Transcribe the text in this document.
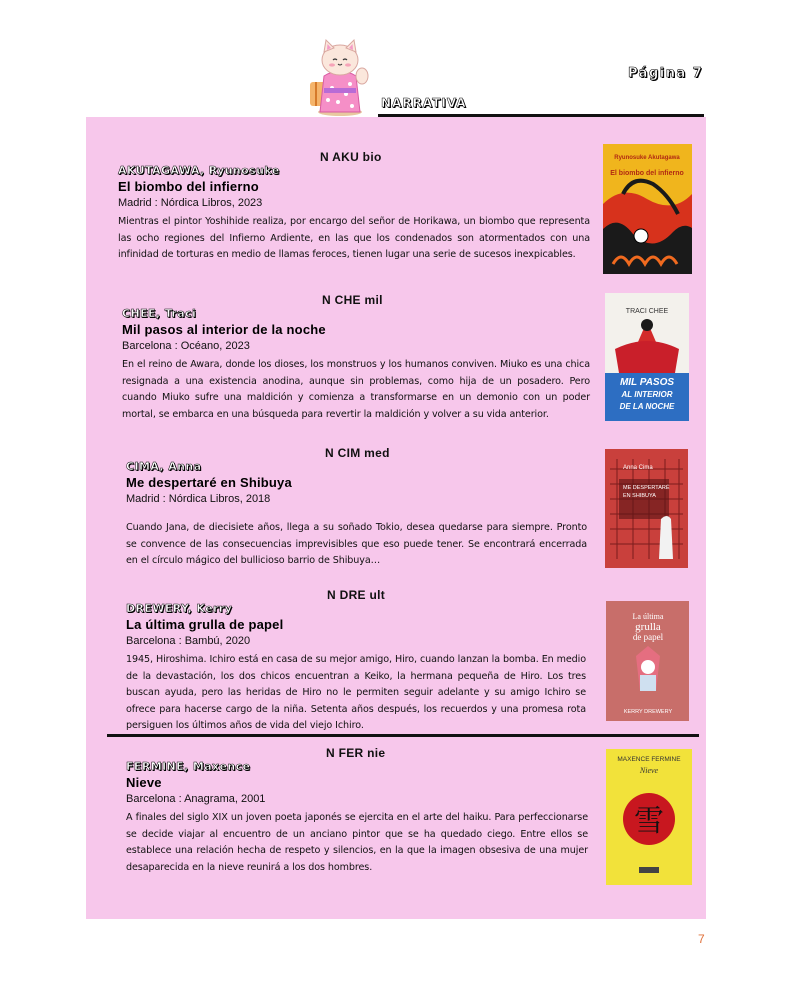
Página 7
NARRATIVA
N AKU bio
AKUTAGAWA, Ryunosuke
El biombo del infierno
Madrid : Nórdica Libros, 2023
Mientras el pintor Yoshihide realiza, por encargo del señor de Horikawa, un biombo que representa las ocho regiones del Infierno Ardiente, en las que los condenados son atormentados con una infinidad de torturas en medio de llamas feroces, tienen lugar una serie de sucesos inexpicables.
Ryunosuke Akutagawa
El biombo del infierno
N CHE mil
CHEE, Traci
Mil pasos al interior de la noche
Barcelona : Océano, 2023
En el reino de Awara, donde los dioses, los monstruos y los humanos conviven. Miuko es una chica resignada a una existencia anodina, aunque sin problemas, como hija de un posadero. Pero cuando Miuko sufre una maldición y comienza a transformarse en un demonio con un poder mortal, se embarca en una búsqueda para revertir la maldición y volver a su vida anterior.
TRACI CHEE
MIL PASOS
AL INTERIOR
DE LA NOCHE
N CIM med
CIMA, Anna
Me despertaré en Shibuya
Madrid : Nórdica Libros, 2018
Cuando Jana, de diecisiete años, llega a su soñado Tokio, desea quedarse para siempre. Pronto se convence de las consecuencias imprevisibles que eso puede tener. Se encontrará encerrada en el círculo mágico del bullicioso barrio de Shibuya…
Anna Cima
ME DESPERTARÉ
EN SHIBUYA
N DRE ult
DREWERY, Kerry
La última grulla de papel
Barcelona : Bambú, 2020
1945, Hiroshima. Ichiro está en casa de su mejor amigo, Hiro, cuando lanzan la bomba. En medio de la devastación, los dos chicos encuentran a Keiko, la hermana pequeña de Hiro. Los tres buscan ayuda, pero las heridas de Hiro no le permiten seguir adelante y su amigo Ichiro se ofrece para hacerse cargo de la niña. Setenta años después, los recuerdos y una promesa rota persiguen los últimos años de vida del viejo Ichiro.
La última
grulla
de papel
KERRY DREWERY
N FER nie
FERMINE, Maxence
Nieve
Barcelona : Anagrama, 2001
A finales del siglo XIX un joven poeta japonés se ejercita en el arte del haiku. Para perfeccionarse se decide viajar al encuentro de un anciano pintor que se ha quedado ciego. Entre ellos se establece una relación hecha de respeto y silencios, en la que la imagen obsesiva de una mujer desaparecida en la nieve reunirá a los dos hombres.
雪
MAXENCE FERMINE
Nieve
7
